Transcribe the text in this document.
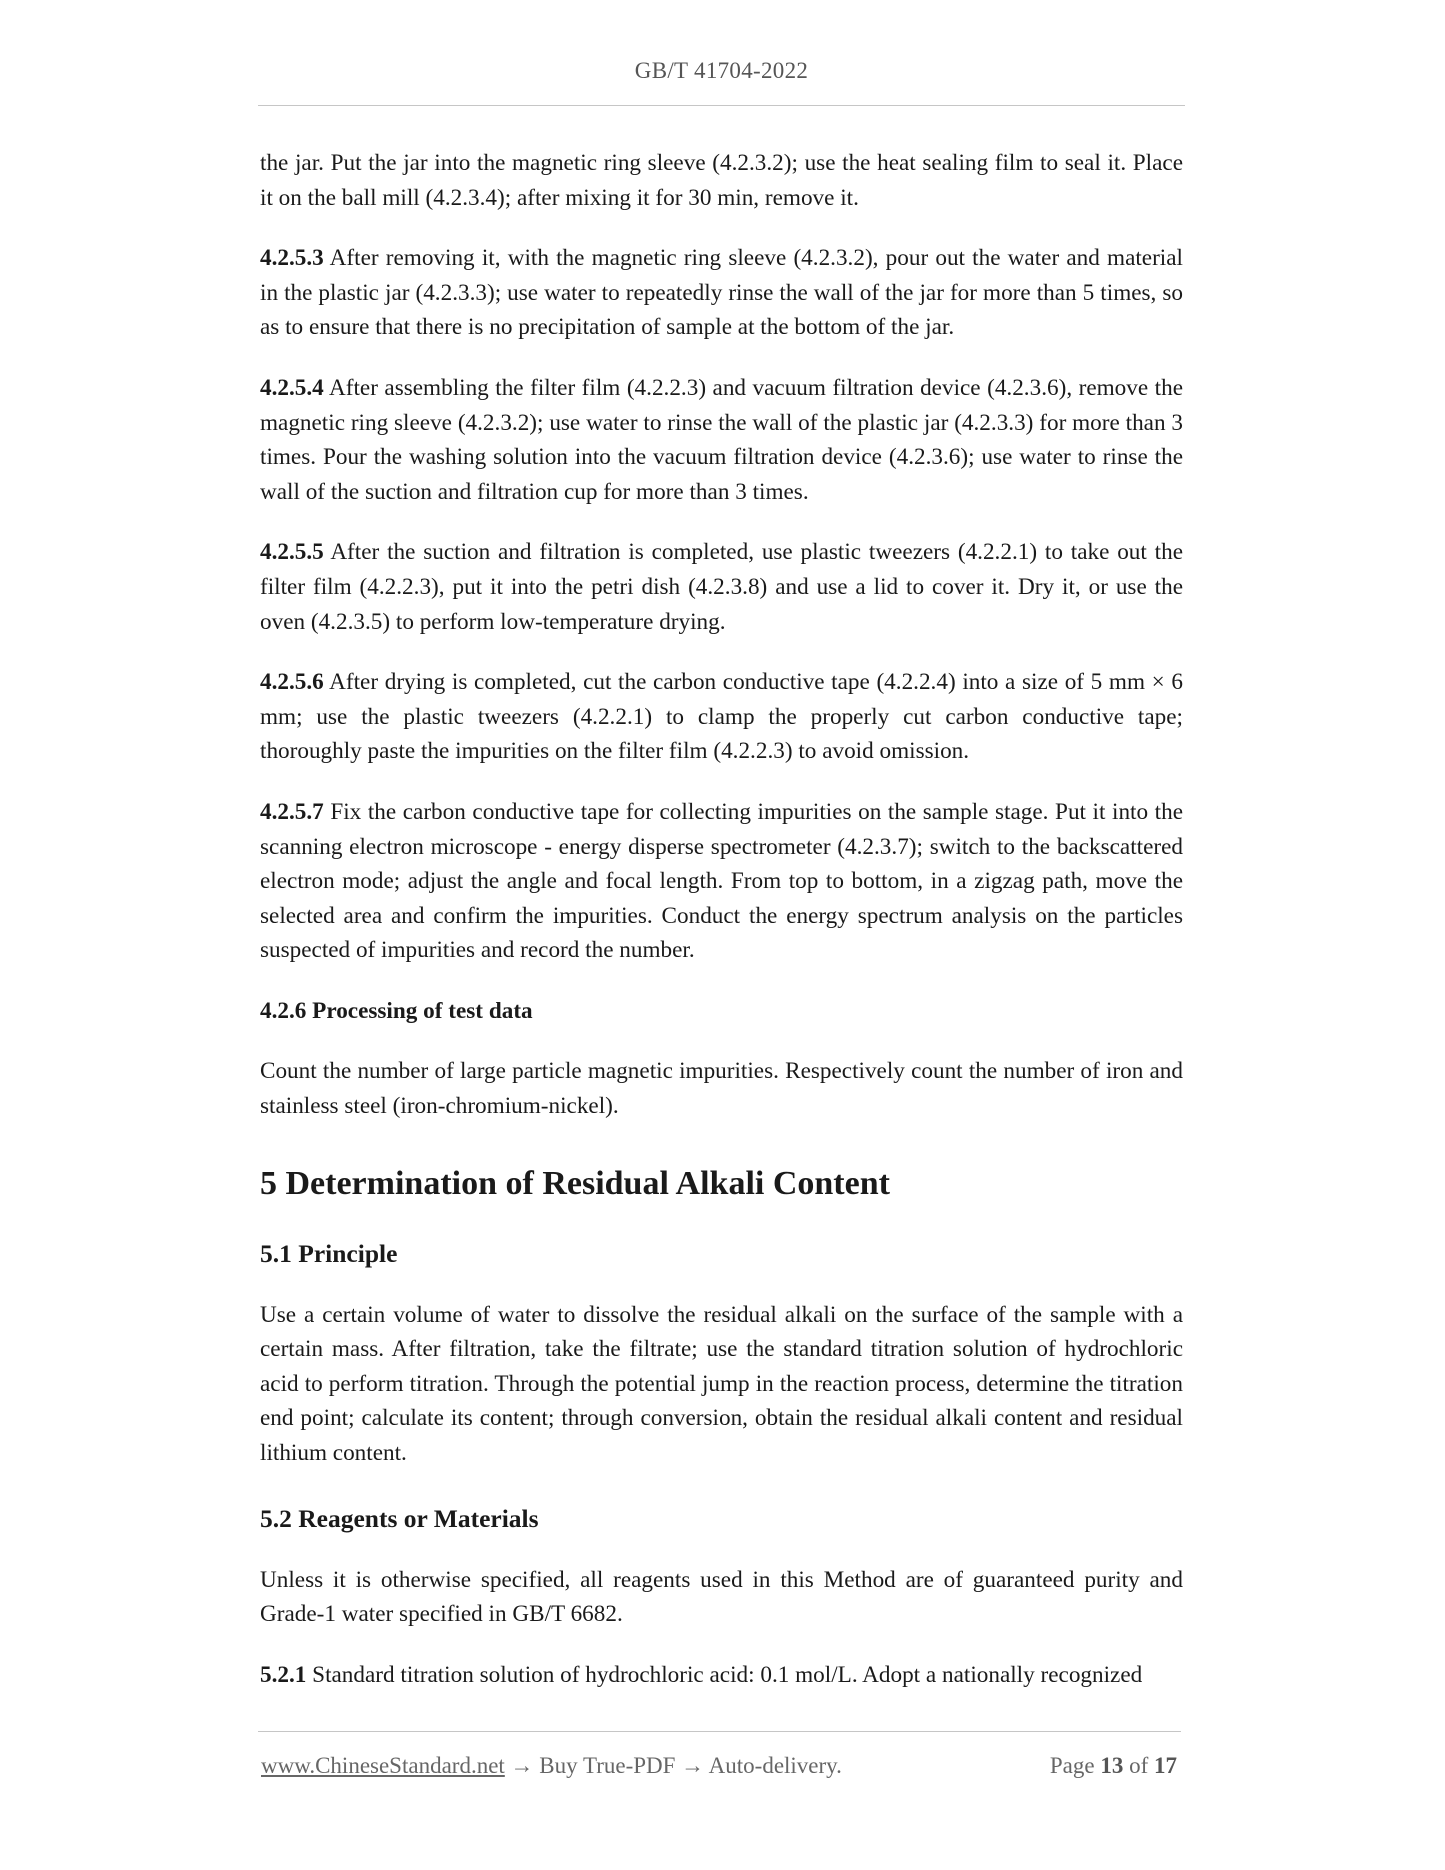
GB/T 41704-2022

the jar. Put the jar into the magnetic ring sleeve (4.2.3.2); use the heat sealing film to seal it. Place it on the ball mill (4.2.3.4); after mixing it for 30 min, remove it.

4.2.5.3 After removing it, with the magnetic ring sleeve (4.2.3.2), pour out the water and material in the plastic jar (4.2.3.3); use water to repeatedly rinse the wall of the jar for more than 5 times, so as to ensure that there is no precipitation of sample at the bottom of the jar.

4.2.5.4 After assembling the filter film (4.2.2.3) and vacuum filtration device (4.2.3.6), remove the magnetic ring sleeve (4.2.3.2); use water to rinse the wall of the plastic jar (4.2.3.3) for more than 3 times. Pour the washing solution into the vacuum filtration device (4.2.3.6); use water to rinse the wall of the suction and filtration cup for more than 3 times.

4.2.5.5 After the suction and filtration is completed, use plastic tweezers (4.2.2.1) to take out the filter film (4.2.2.3), put it into the petri dish (4.2.3.8) and use a lid to cover it. Dry it, or use the oven (4.2.3.5) to perform low-temperature drying.

4.2.5.6 After drying is completed, cut the carbon conductive tape (4.2.2.4) into a size of 5 mm × 6 mm; use the plastic tweezers (4.2.2.1) to clamp the properly cut carbon conductive tape; thoroughly paste the impurities on the filter film (4.2.2.3) to avoid omission.

4.2.5.7 Fix the carbon conductive tape for collecting impurities on the sample stage. Put it into the scanning electron microscope - energy disperse spectrometer (4.2.3.7); switch to the backscattered electron mode; adjust the angle and focal length. From top to bottom, in a zigzag path, move the selected area and confirm the impurities. Conduct the energy spectrum analysis on the particles suspected of impurities and record the number.

4.2.6 Processing of test data

Count the number of large particle magnetic impurities. Respectively count the number of iron and stainless steel (iron-chromium-nickel).

5 Determination of Residual Alkali Content
5.1 Principle

Use a certain volume of water to dissolve the residual alkali on the surface of the sample with a certain mass. After filtration, take the filtrate; use the standard titration solution of hydrochloric acid to perform titration. Through the potential jump in the reaction process, determine the titration end point; calculate its content; through conversion, obtain the residual alkali content and residual lithium content.

5.2 Reagents or Materials

Unless it is otherwise specified, all reagents used in this Method are of guaranteed purity and Grade-1 water specified in GB/T 6682.

5.2.1 Standard titration solution of hydrochloric acid: 0.1 mol/L. Adopt a nationally recognized

www.ChineseStandard.net → Buy True-PDF → Auto-delivery.	Page 13 of 17
